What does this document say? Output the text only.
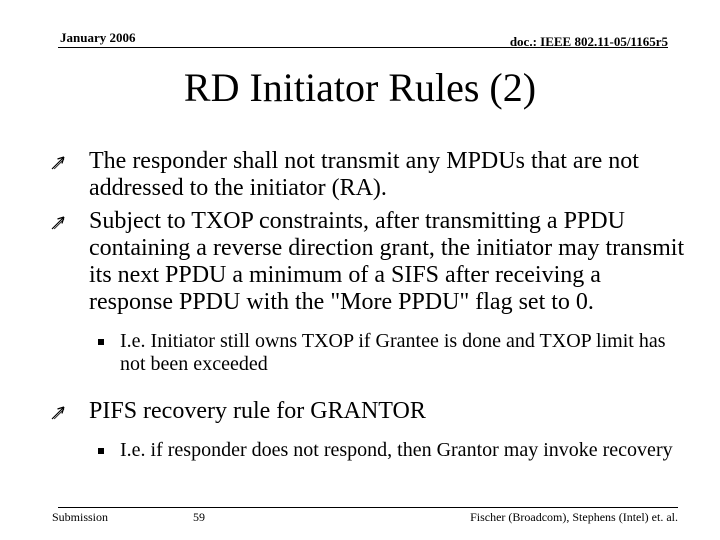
January 2006	doc.: IEEE 802.11-05/1165r5
RD Initiator Rules (2)
The responder shall not transmit any MPDUs that are not addressed to the initiator (RA).
Subject to TXOP constraints, after transmitting a PPDU containing a reverse direction grant, the initiator may transmit its next PPDU a minimum of a SIFS after receiving a response PPDU with the "More PPDU" flag set to 0.
I.e. Initiator still owns TXOP if Grantee is done and TXOP limit has not been exceeded
PIFS recovery rule for GRANTOR
I.e. if responder does not respond, then Grantor may invoke recovery
Submission	59	Fischer (Broadcom), Stephens (Intel) et. al.
